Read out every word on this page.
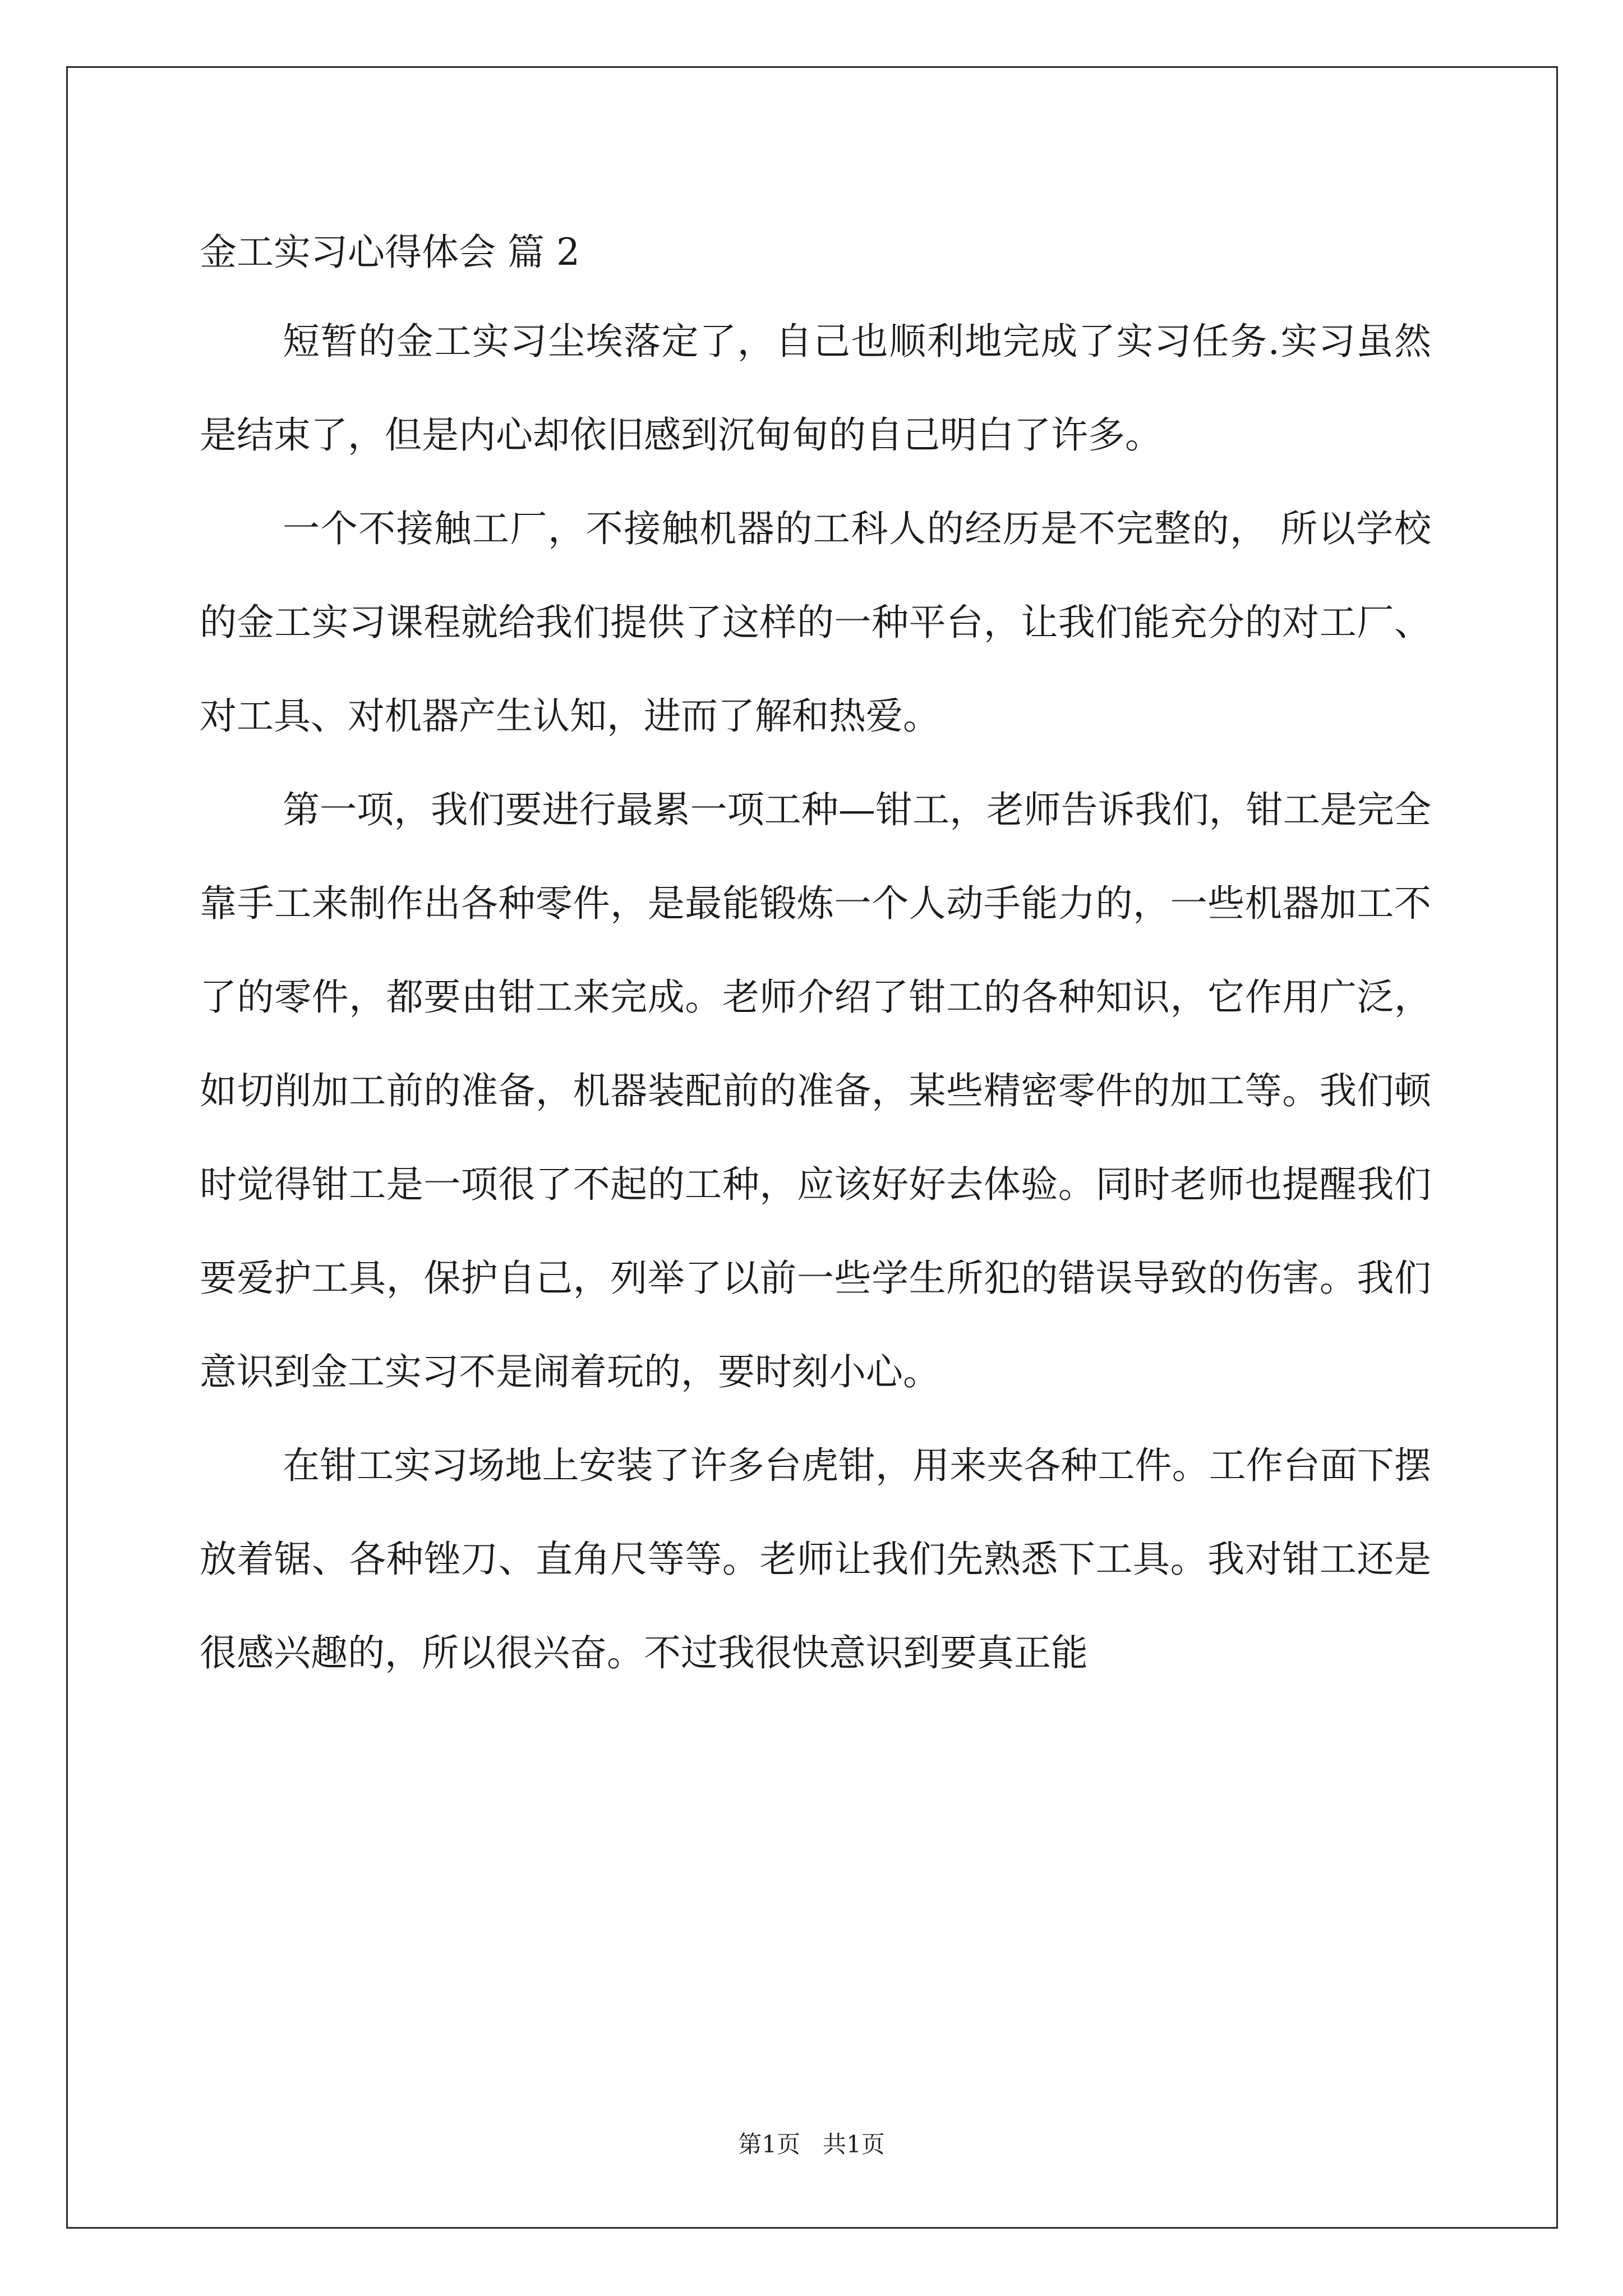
金工实习心得体会 篇 2

短暂的金工实习尘埃落定了，自己也顺利地完成了实习任务.实习虽然是结束了，但是内心却依旧感到沉甸甸的自己明白了许多。

一个不接触工厂，不接触机器的工科人的经历是不完整的， 所以学校的金工实习课程就给我们提供了这样的一种平台，让我们能充分的对工厂、对工具、对机器产生认知，进而了解和热爱。

第一项，我们要进行最累一项工种—钳工，老师告诉我们，钳工是完全靠手工来制作出各种零件，是最能锻炼一个人动手能力的，一些机器加工不了的零件，都要由钳工来完成。老师介绍了钳工的各种知识，它作用广泛，如切削加工前的准备，机器装配前的准备，某些精密零件的加工等。我们顿时觉得钳工是一项很了不起的工种，应该好好去体验。同时老师也提醒我们要爱护工具，保护自己，列举了以前一些学生所犯的错误导致的伤害。我们意识到金工实习不是闹着玩的，要时刻小心。

在钳工实习场地上安装了许多台虎钳，用来夹各种工件。工作台面下摆放着锯、各种锉刀、直角尺等等。老师让我们先熟悉下工具。我对钳工还是很感兴趣的，所以很兴奋。不过我很快意识到要真正能

第1页   共1页
